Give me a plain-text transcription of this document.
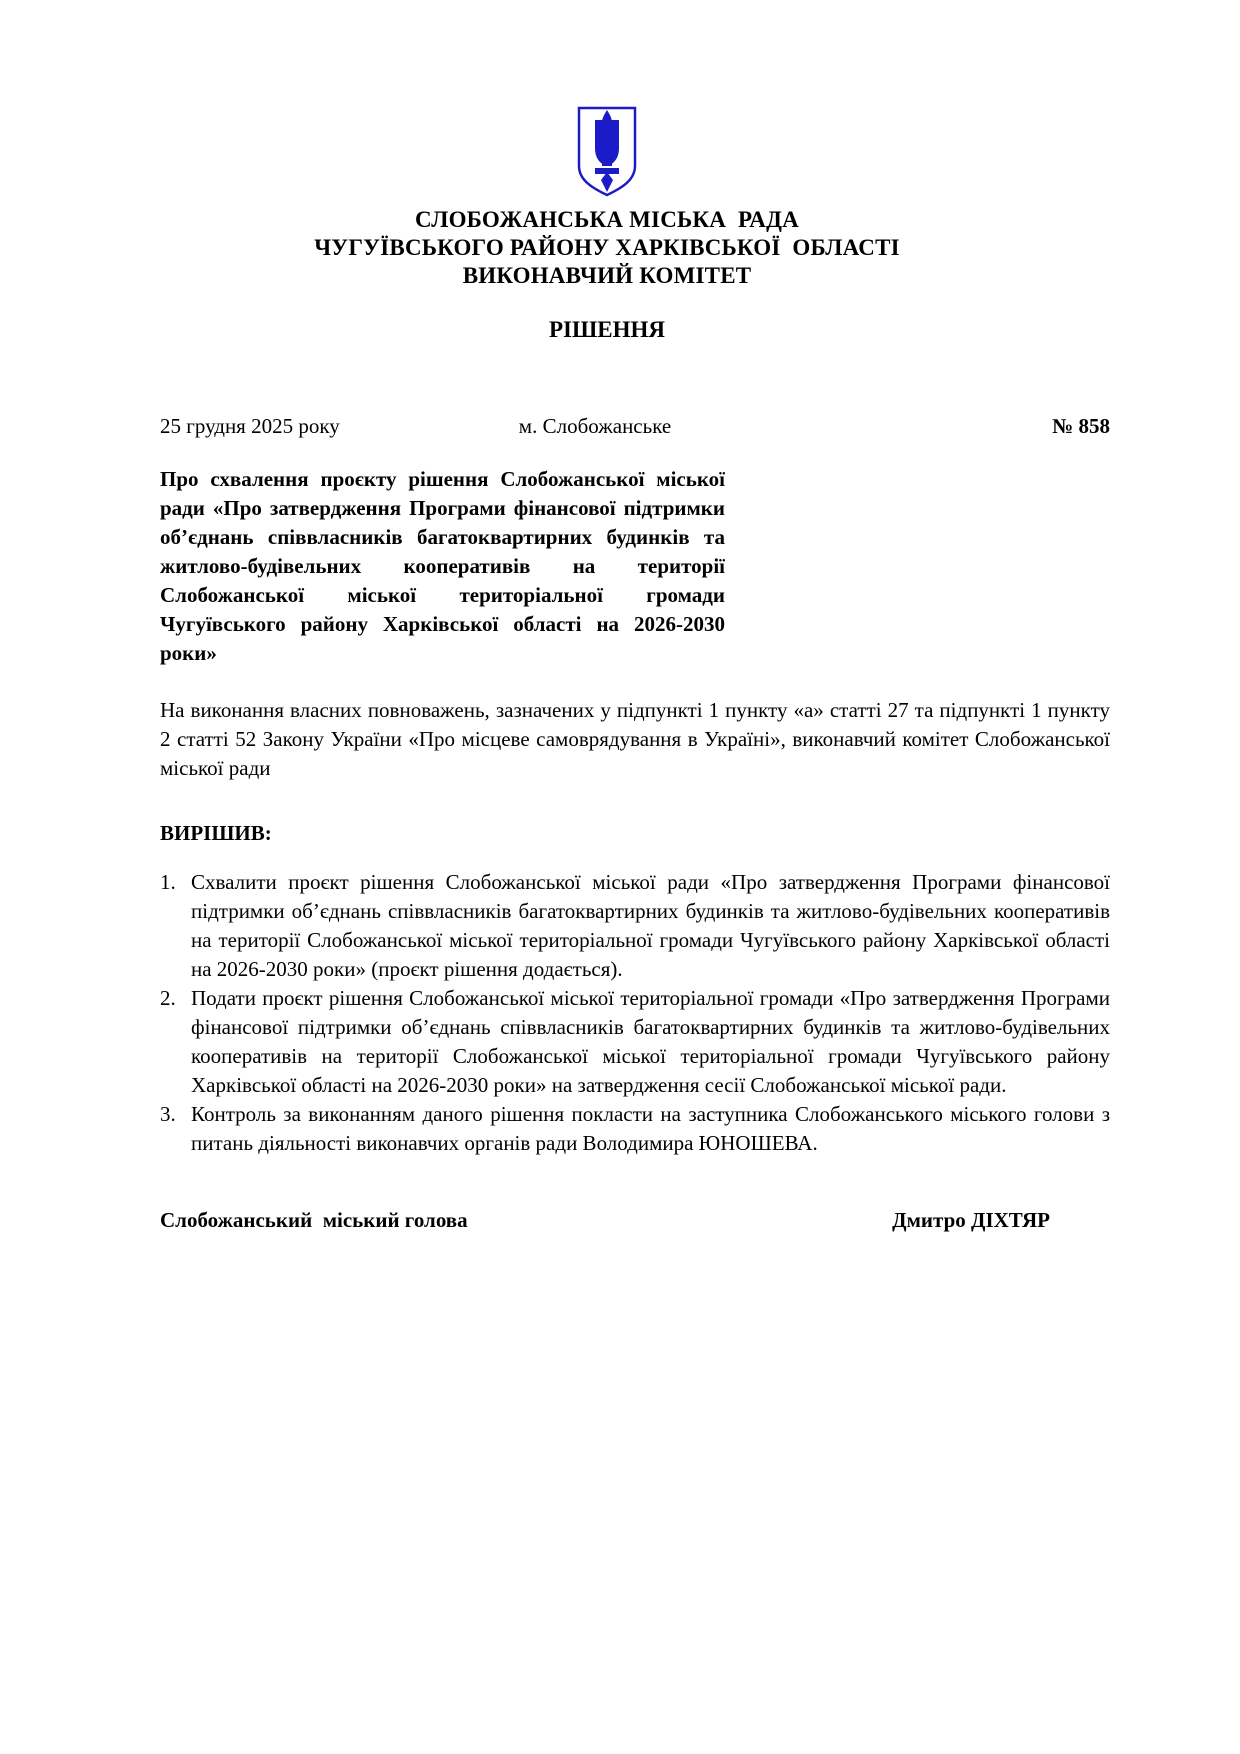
СЛОБОЖАНСЬКА МІСЬКА  РАДА
ЧУГУЇВСЬКОГО РАЙОНУ ХАРКІВСЬКОЇ  ОБЛАСТІ
ВИКОНАВЧИЙ КОМІТЕТ
РІШЕННЯ
25 грудня 2025 року	м. Слобожанське	№ 858
Про схвалення проєкту рішення Слобожанської міської ради «Про затвердження Програми фінансової підтримки об’єднань співвласників багатоквартирних будинків та житлово-будівельних кооперативів на території Слобожанської міської територіальної громади Чугуївського району Харківської області на 2026-2030 роки»
На виконання власних повноважень, зазначених у підпункті 1 пункту «а» статті 27 та підпункті 1 пункту 2 статті 52 Закону України «Про місцеве самоврядування в Україні», виконавчий комітет Слобожанської міської ради
ВИРІШИВ:
1. Схвалити проєкт рішення Слобожанської міської ради «Про затвердження Програми фінансової підтримки об’єднань співвласників багатоквартирних будинків та житлово-будівельних кооперативів на території Слобожанської міської територіальної громади Чугуївського району Харківської області на 2026-2030 роки» (проєкт рішення додається).
2. Подати проєкт рішення Слобожанської міської територіальної громади «Про затвердження Програми фінансової підтримки об’єднань співвласників багатоквартирних будинків та житлово-будівельних кооперативів на території Слобожанської міської територіальної громади Чугуївського району Харківської області на 2026-2030 роки» на затвердження сесії Слобожанської міської ради.
3. Контроль за виконанням даного рішення покласти на заступника Слобожанського міського голови з питань діяльності виконавчих органів ради Володимира ЮНОШЕВА.
Слобожанський  міський голова	Дмитро ДІХТЯР
